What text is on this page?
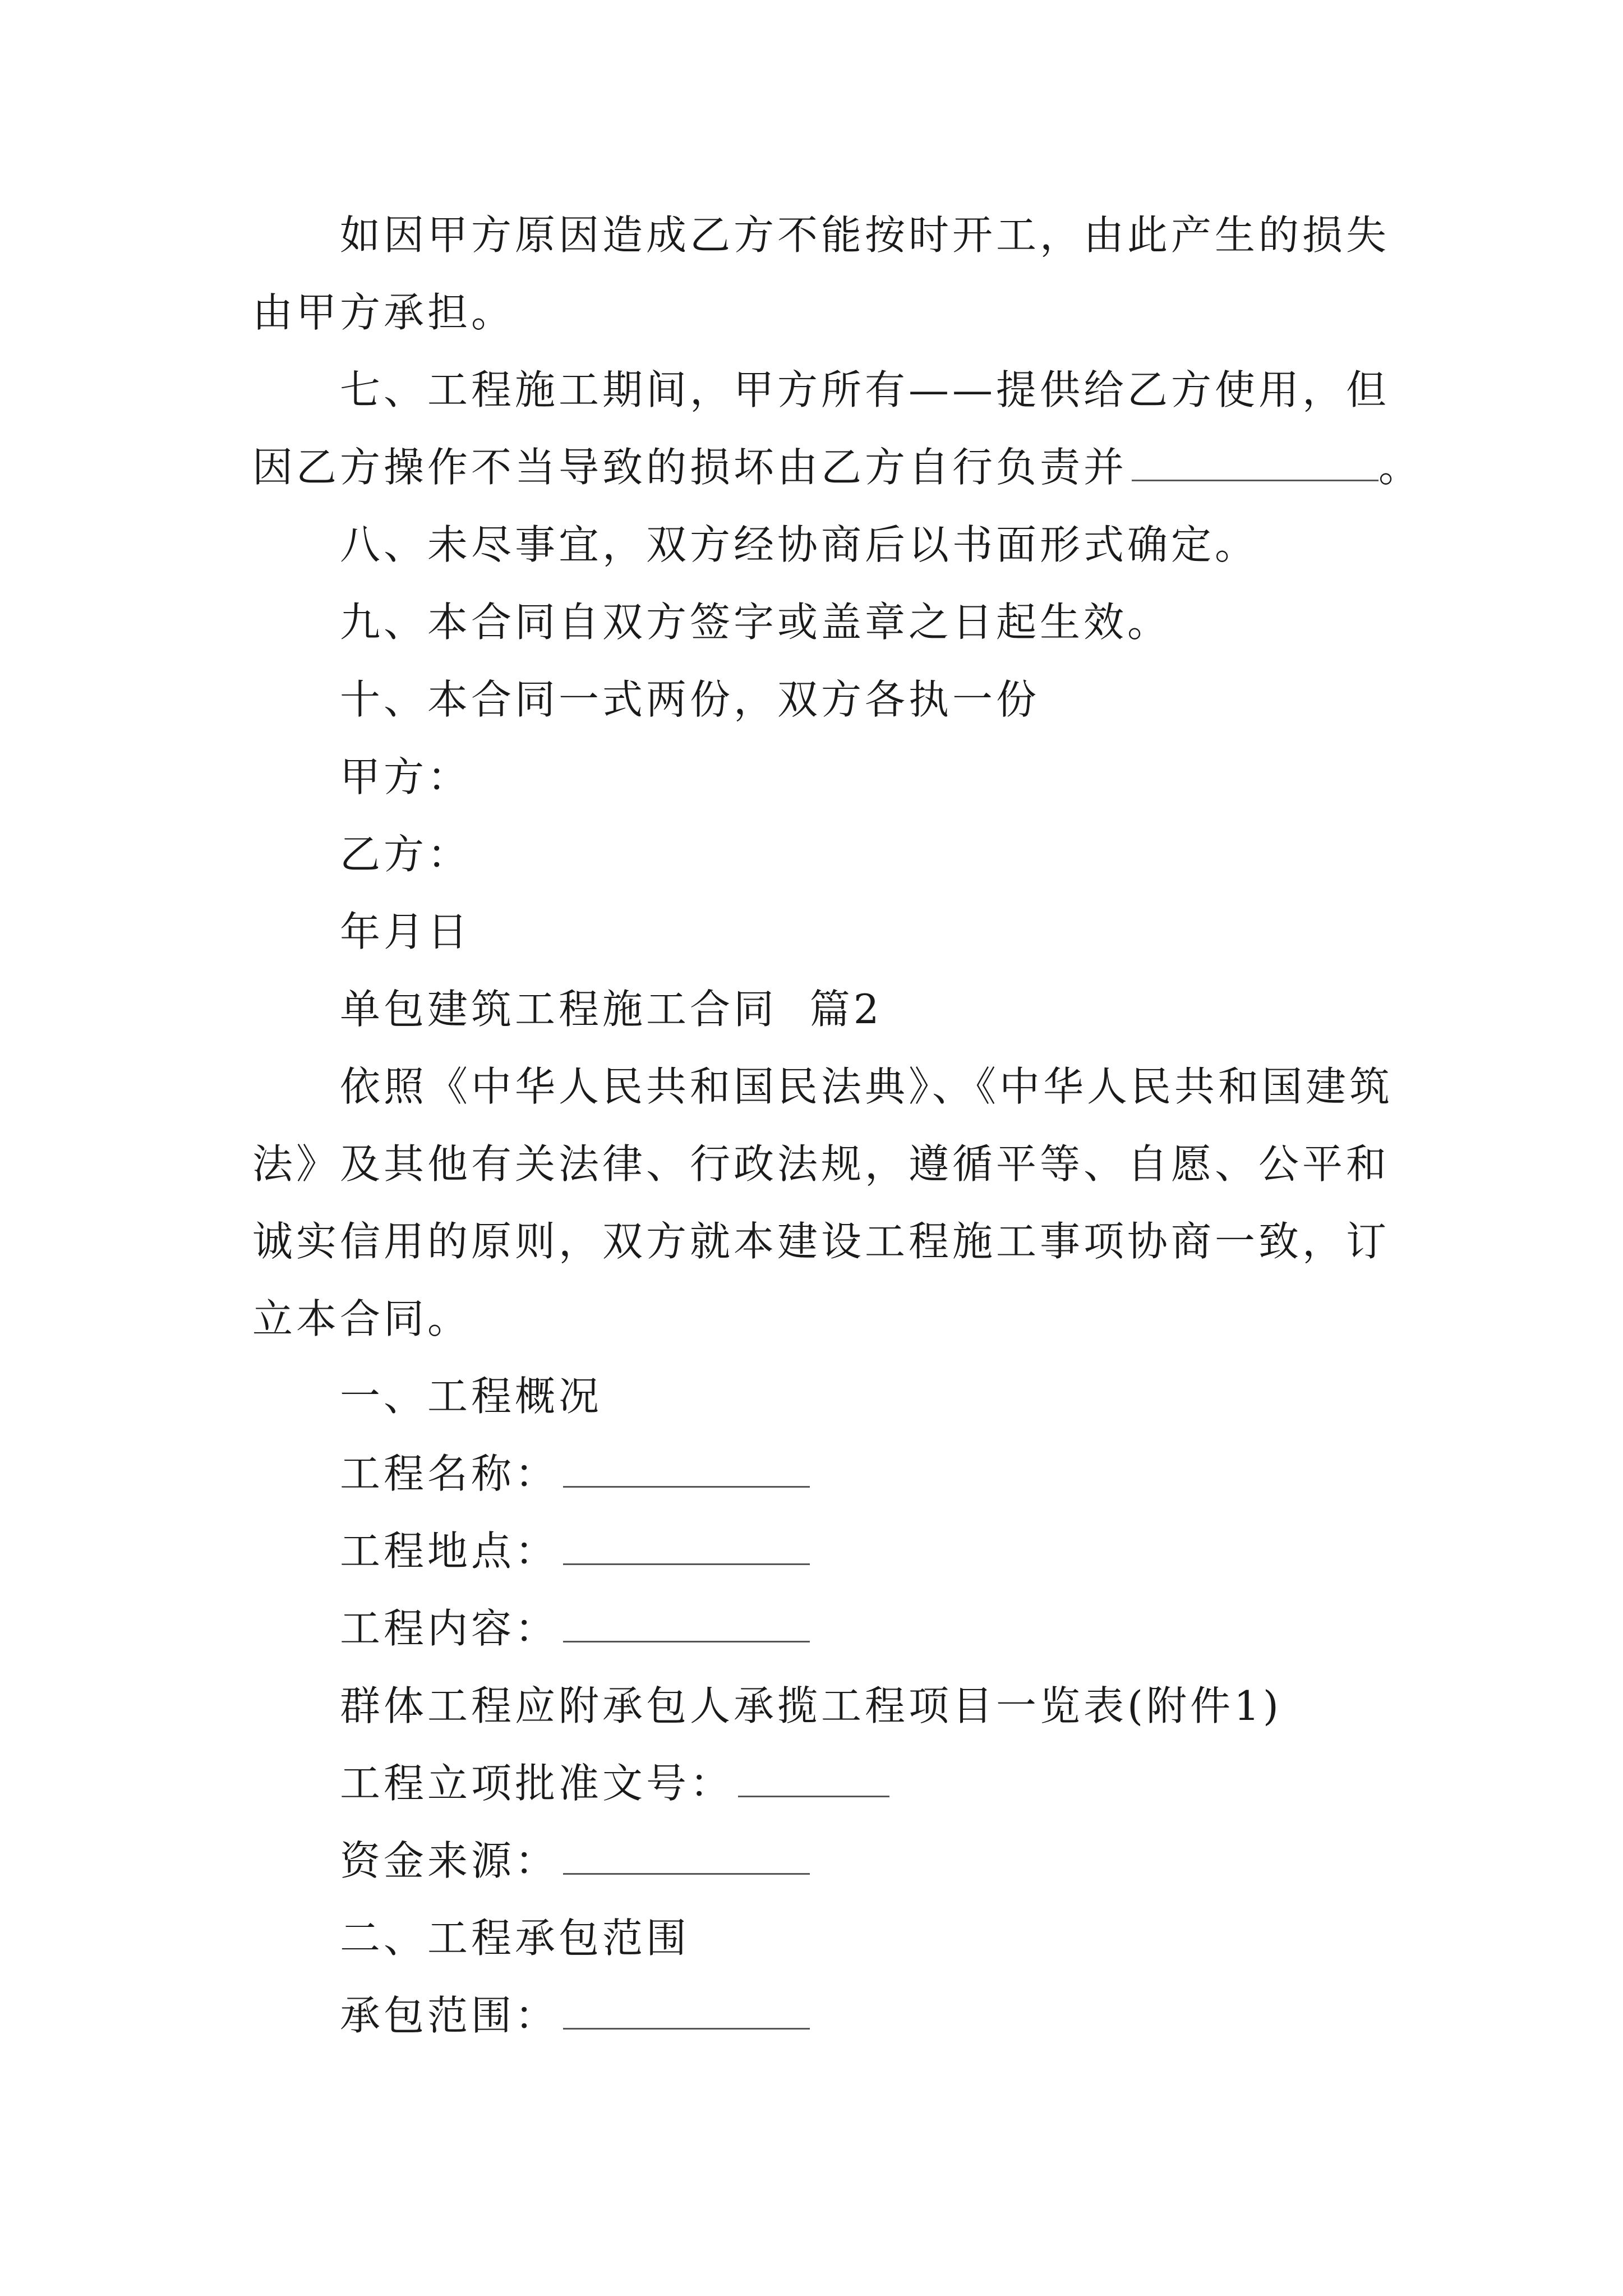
如因甲方原因造成乙方不能按时开工，由此产生的损失
由甲方承担。
七、工程施工期间，甲方所有——提供给乙方使用，但
因乙方操作不当导致的损坏由乙方自行负责并	。
八、未尽事宜，双方经协商后以书面形式确定。
九、本合同自双方签字或盖章之日起生效。
十、本合同一式两份，双方各执一份
甲方：
乙方：
年月日
单包建筑工程施工合同  篇2
依照《中华人民共和国民法典》、《中华人民共和国建筑
法》及其他有关法律、行政法规，遵循平等、自愿、公平和
诚实信用的原则，双方就本建设工程施工事项协商一致，订
立本合同。
一、工程概况
工程名称：
工程地点：
工程内容：
群体工程应附承包人承揽工程项目一览表(附件1)
工程立项批准文号：
资金来源：
二、工程承包范围
承包范围：
